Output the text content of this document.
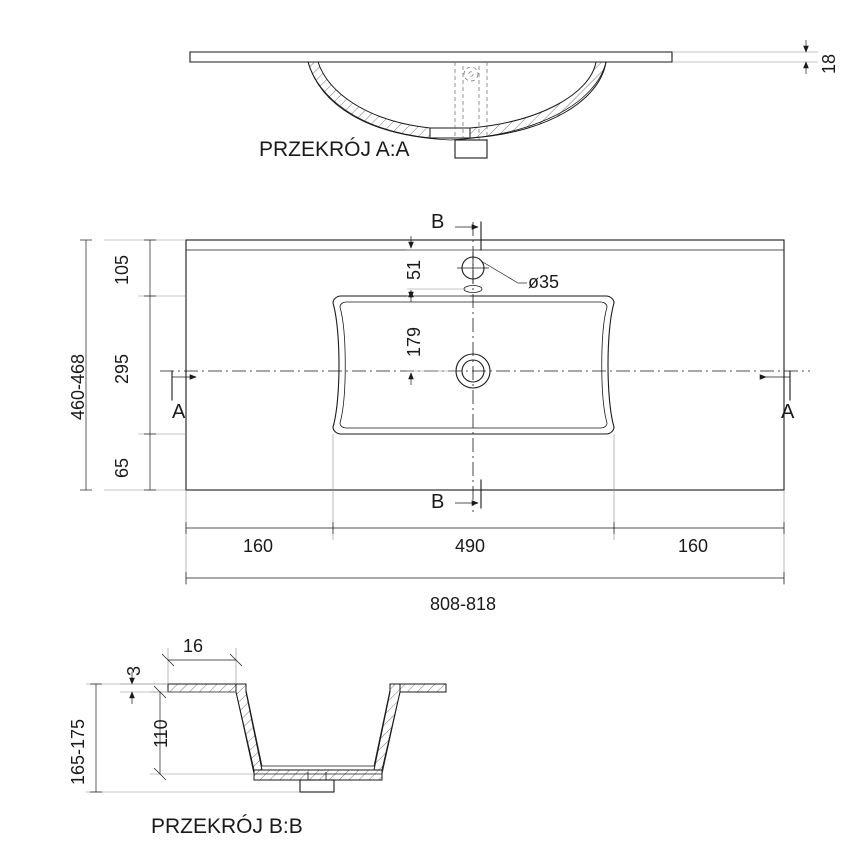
18
PRZEKRÓJ A:A
B
B
A	A
51
179
ø35
105
295
65
460-468
160	490	160
808-818
16
3
110
165-175
PRZEKRÓJ B:B
